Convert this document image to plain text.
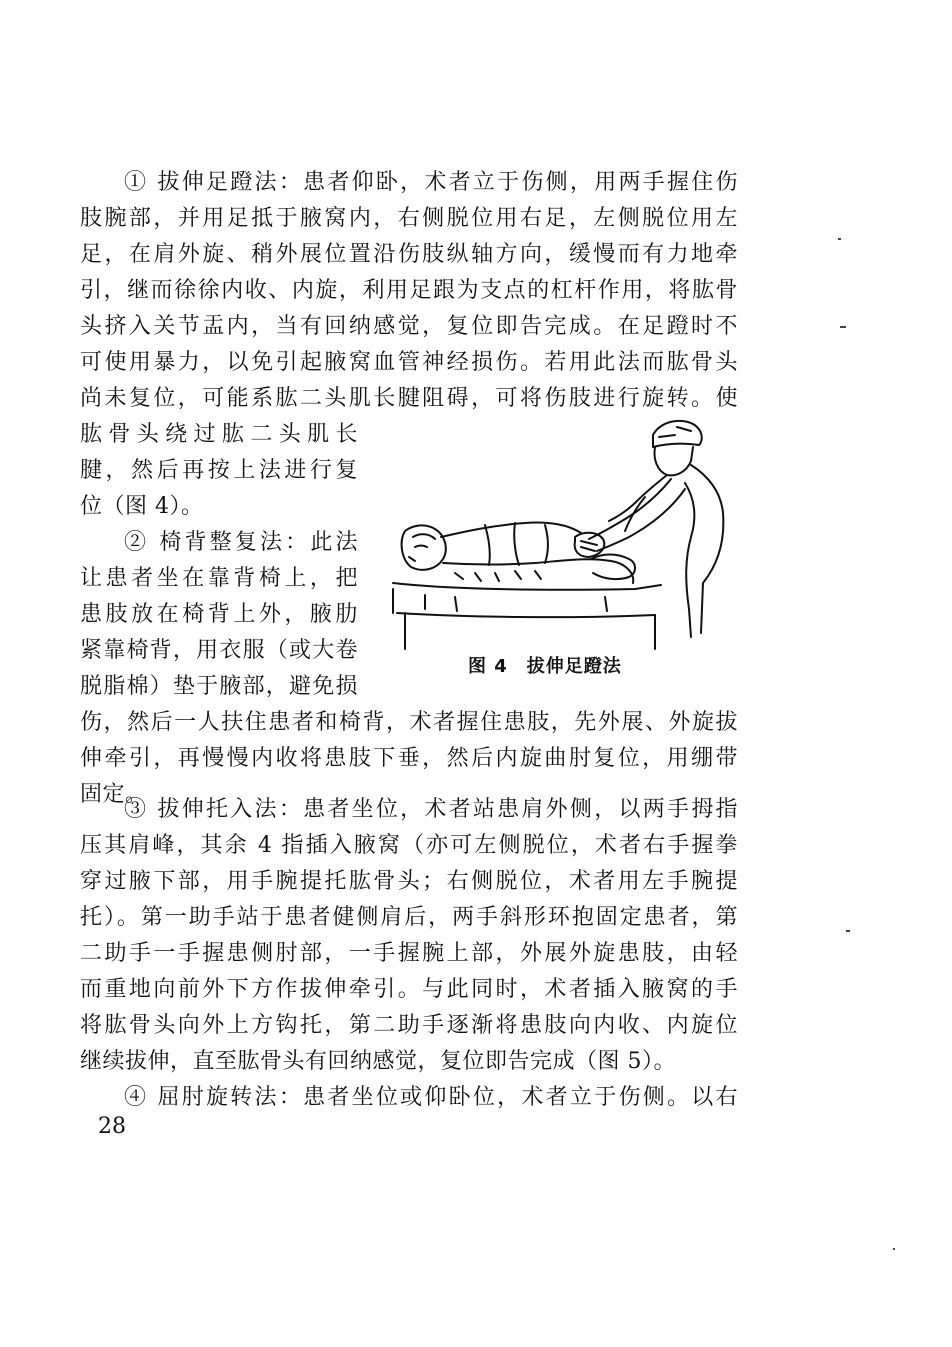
① 拔伸足蹬法：患者仰卧，术者立于伤侧，用两手握住伤
肢腕部，并用足抵于腋窝内，右侧脱位用右足，左侧脱位用左
足，在肩外旋、稍外展位置沿伤肢纵轴方向，缓慢而有力地牵
引，继而徐徐内收、内旋，利用足跟为支点的杠杆作用，将肱骨
头挤入关节盂内，当有回纳感觉，复位即告完成。在足蹬时不
可使用暴力，以免引起腋窝血管神经损伤。若用此法而肱骨头
尚未复位，可能系肱二头肌长腱阻碍，可将伤肢进行旋转。使
肱骨头绕过肱二头肌长
腱，然后再按上法进行复
位（图 4）。
② 椅背整复法：此法
让患者坐在靠背椅上，把
患肢放在椅背上外，腋肋
紧靠椅背，用衣服（或大卷
脱脂棉）垫于腋部，避免损
伤，然后一人扶住患者和椅背，术者握住患肢，先外展、外旋拔
伸牵引，再慢慢内收将患肢下垂，然后内旋曲肘复位，用绷带
固定。
图 4　拔伸足蹬法
③ 拔伸托入法：患者坐位，术者站患肩外侧，以两手拇指
压其肩峰，其余 4 指插入腋窝（亦可左侧脱位，术者右手握拳
穿过腋下部，用手腕提托肱骨头；右侧脱位，术者用左手腕提
托）。第一助手站于患者健侧肩后，两手斜形环抱固定患者，第
二助手一手握患侧肘部，一手握腕上部，外展外旋患肢，由轻
而重地向前外下方作拔伸牵引。与此同时，术者插入腋窝的手
将肱骨头向外上方钩托，第二助手逐渐将患肢向内收、内旋位
继续拔伸，直至肱骨头有回纳感觉，复位即告完成（图 5）。
④ 屈肘旋转法：患者坐位或仰卧位，术者立于伤侧。以右
28
